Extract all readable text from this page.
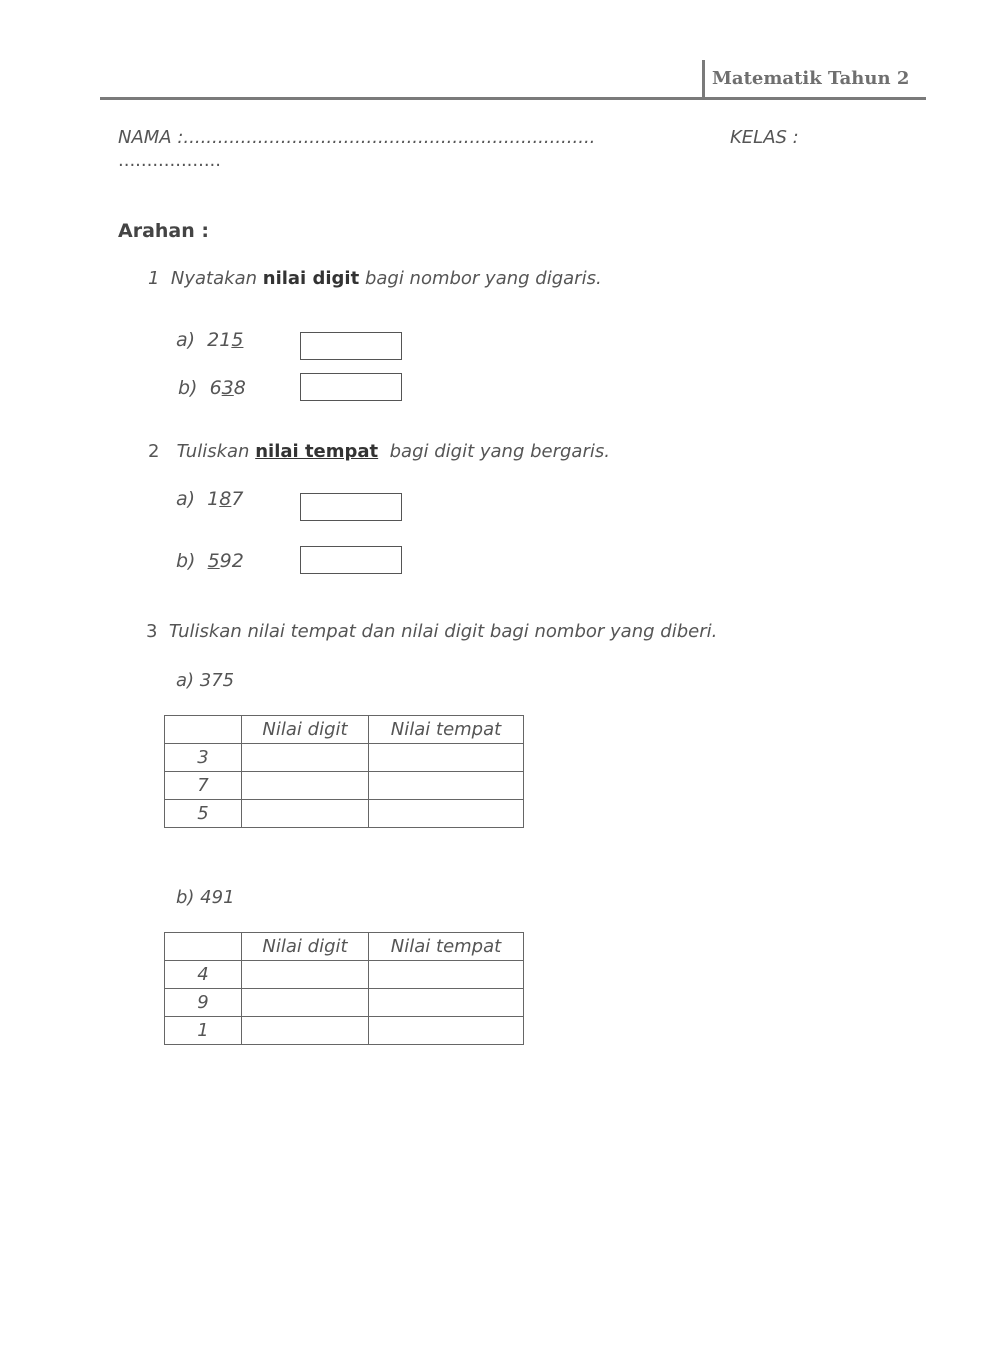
Matematik Tahun 2
NAMA :........................................................................	KELAS :
..................
Arahan :
1 Nyatakan nilai digit bagi nombor yang digaris.
a) 215
b) 638
2 Tuliskan nilai tempat bagi digit yang bergaris.
a) 187
b) 592
3 Tuliskan nilai tempat dan nilai digit bagi nombor yang diberi.
a) 375
	Nilai digit	Nilai tempat
3		
7		
5		
b) 491
	Nilai digit	Nilai tempat
4		
9		
1		
